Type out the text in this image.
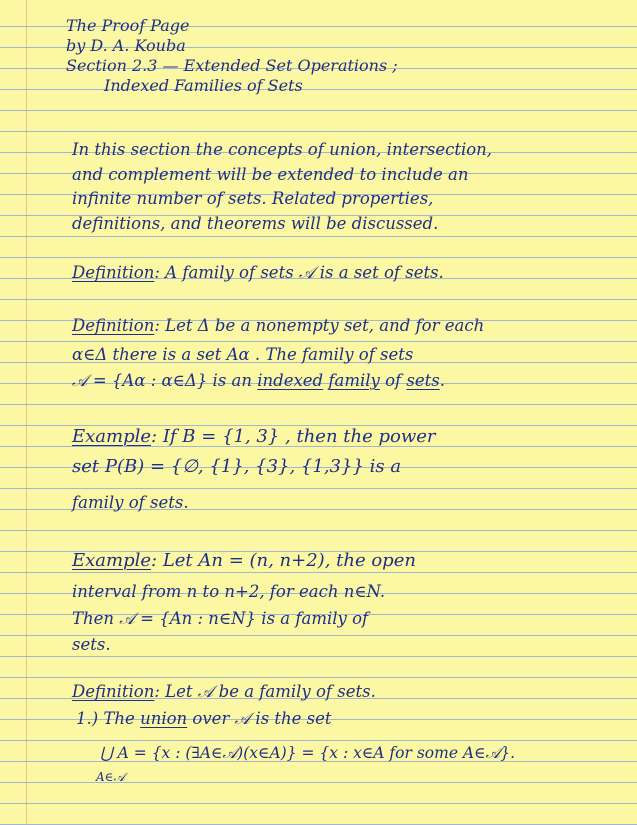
The Proof Page
by D. A. Kouba
Section 2.3 — Extended Set Operations ;
Indexed Families of Sets
In this section the concepts of union, intersection,
and complement will be extended to include an
infinite number of sets. Related properties,
definitions, and theorems will be discussed.
Definition: A family of sets 𝒜 is a set of sets.
Definition: Let Δ be a nonempty set, and for each
α∈Δ there is a set Aα . The family of sets
𝒜 = {Aα : α∈Δ} is an indexed family of sets.
Example: If B = {1, 3} , then the power
set P(B) = {∅, {1}, {3}, {1,3}} is a
family of sets.
Example: Let An = (n, n+2), the open
interval from n to n+2, for each n∈N.
Then 𝒜 = {An : n∈N} is a family of
sets.
Definition: Let 𝒜 be a family of sets.
1.) The union over 𝒜 is the set
⋃ A = {x : (∃A∈𝒜)(x∈A)} = {x : x∈A for some A∈𝒜}.
A∈𝒜
